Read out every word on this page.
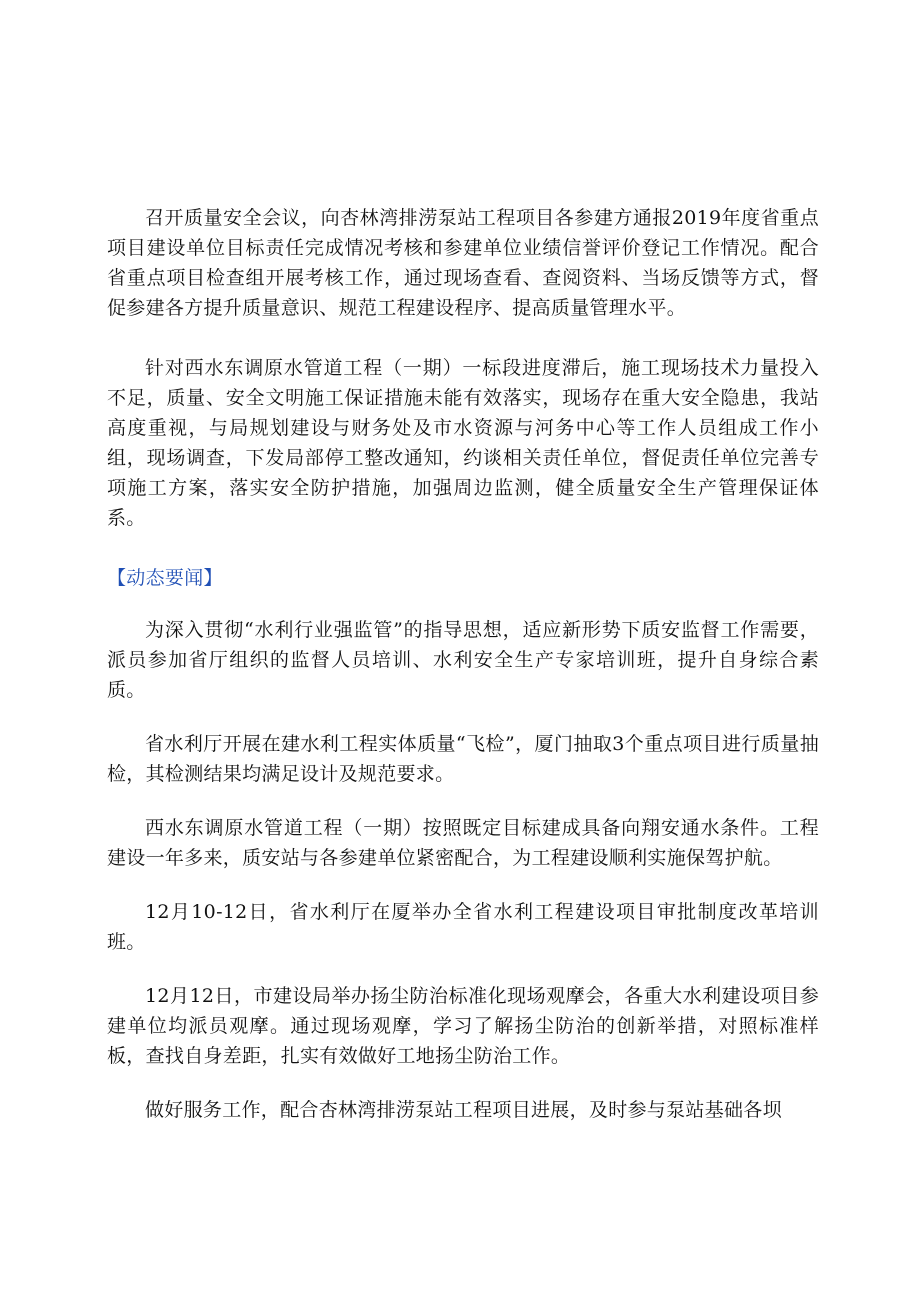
召开质量安全会议，向杏林湾排涝泵站工程项目各参建方通报2019年度省重点项目建设单位目标责任完成情况考核和参建单位业绩信誉评价登记工作情况。配合省重点项目检查组开展考核工作，通过现场查看、查阅资料、当场反馈等方式，督促参建各方提升质量意识、规范工程建设程序、提高质量管理水平。

针对西水东调原水管道工程（一期）一标段进度滞后，施工现场技术力量投入不足，质量、安全文明施工保证措施未能有效落实，现场存在重大安全隐患，我站高度重视，与局规划建设与财务处及市水资源与河务中心等工作人员组成工作小组，现场调查，下发局部停工整改通知，约谈相关责任单位，督促责任单位完善专项施工方案，落实安全防护措施，加强周边监测，健全质量安全生产管理保证体系。

【动态要闻】

为深入贯彻“水利行业强监管”的指导思想，适应新形势下质安监督工作需要，派员参加省厅组织的监督人员培训、水利安全生产专家培训班，提升自身综合素质。

省水利厅开展在建水利工程实体质量“飞检”，厦门抽取3个重点项目进行质量抽检，其检测结果均满足设计及规范要求。

西水东调原水管道工程（一期）按照既定目标建成具备向翔安通水条件。工程建设一年多来，质安站与各参建单位紧密配合，为工程建设顺利实施保驾护航。

12月10-12日，省水利厅在厦举办全省水利工程建设项目审批制度改革培训班。

12月12日，市建设局举办扬尘防治标准化现场观摩会，各重大水利建设项目参建单位均派员观摩。通过现场观摩，学习了解扬尘防治的创新举措，对照标准样板，查找自身差距，扎实有效做好工地扬尘防治工作。

做好服务工作，配合杏林湾排涝泵站工程项目进展，及时参与泵站基础各坝
